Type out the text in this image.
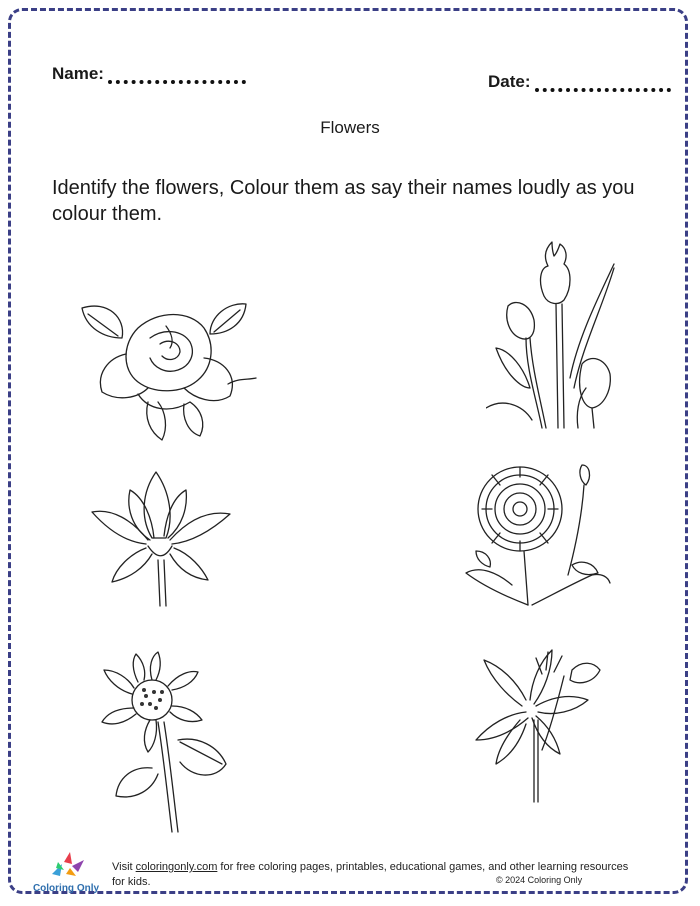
Name:	Date:
Flowers
Identify the flowers, Colour them as say their names loudly as you colour them.
Coloring Only
Visit coloringonly.com for free coloring pages, printables, educational games, and other learning resources for kids.	© 2024 Coloring Only
